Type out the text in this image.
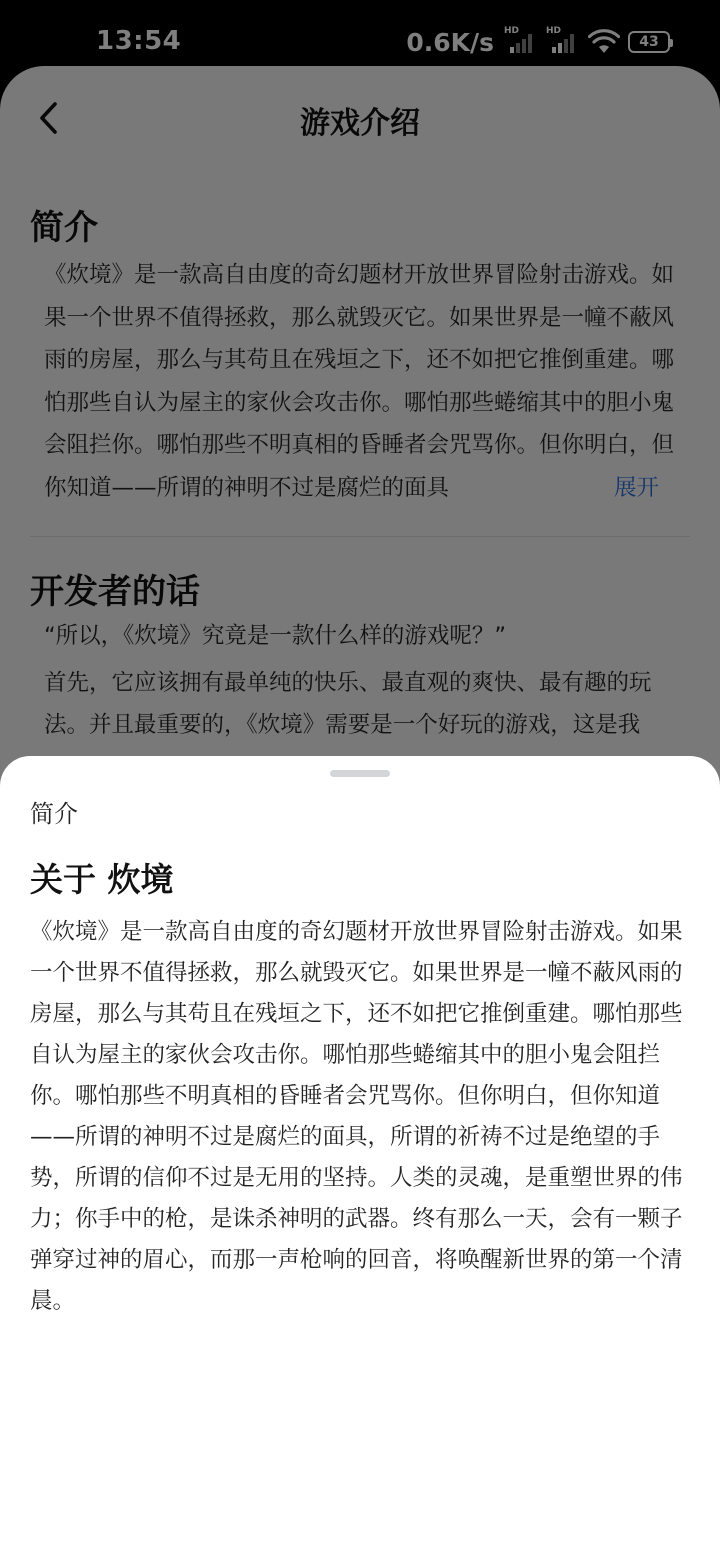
简介
关于 炊境
《炊境》是一款高自由度的奇幻题材开放世界冒险射击游戏。如果一个世界不值得拯救，那么就毁灭它。如果世界是一幢不蔽风雨的房屋，那么与其苟且在残垣之下，还不如把它推倒重建。哪怕那些自认为屋主的家伙会攻击你。哪怕那些蜷缩其中的胆小鬼会阻拦你。哪怕那些不明真相的昏睡者会咒骂你。但你明白，但你知道——所谓的神明不过是腐烂的面具，所谓的祈祷不过是绝望的手势，所谓的信仰不过是无用的坚持。人类的灵魂，是重塑世界的伟力；你手中的枪，是诛杀神明的武器。终有那么一天，会有一颗子弹穿过神的眉心，而那一声枪响的回音，将唤醒新世界的第一个清晨。
